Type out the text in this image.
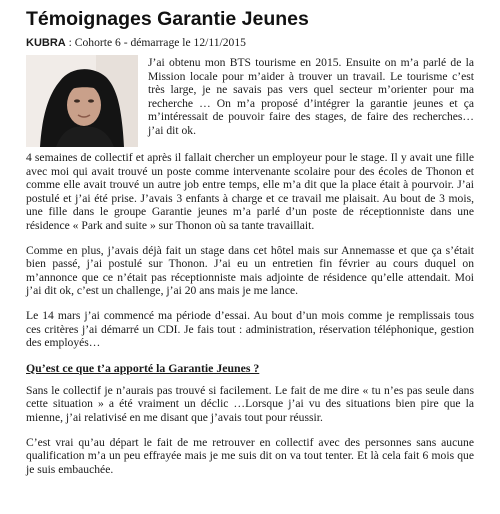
Témoignages Garantie Jeunes
KUBRA : Cohorte 6 - démarrage le 12/11/2015

J’ai obtenu mon BTS tourisme en 2015. Ensuite on m’a parlé de la Mission locale pour m’aider à trouver un travail. Le tourisme c’est très large, je ne savais pas vers quel secteur m’orienter pour ma recherche … On m’a proposé d’intégrer la garantie jeunes et ça m’intéressait de pouvoir faire des stages, de faire des recherches… j’ai dit ok.

4 semaines de collectif et après il fallait chercher un employeur pour le stage. Il y avait une fille avec moi qui avait trouvé un poste comme intervenante scolaire pour des écoles de Thonon et comme elle avait trouvé un autre job entre temps, elle m’a dit que la place était à pourvoir. J’ai postulé et j’ai été prise. J’avais 3 enfants à charge et ce travail me plaisait. Au bout de 3 mois, une fille dans le groupe Garantie jeunes m’a parlé d’un poste de réceptionniste dans une résidence « Park and suite » sur Thonon où sa tante travaillait.

Comme en plus, j’avais déjà fait un stage dans cet hôtel mais sur Annemasse et que ça s’était bien passé, j’ai postulé sur Thonon. J’ai eu un entretien fin février au cours duquel on m’annonce que ce n’était pas réceptionniste mais adjointe de résidence qu’elle attendait. Moi j’ai dit ok, c’est un challenge, j’ai 20 ans mais je me lance.

Le 14 mars j’ai commencé ma période d’essai. Au bout d’un mois comme je remplissais tous ces critères j’ai démarré un CDI. Je fais tout : administration, réservation téléphonique, gestion des employés…

Qu’est ce que t’a apporté la Garantie Jeunes ?

Sans le collectif je n’aurais pas trouvé si facilement. Le fait de me dire « tu n’es pas seule dans cette situation » a été vraiment un déclic …Lorsque j’ai vu des situations bien pire que la mienne, j’ai relativisé en me disant que j’avais tout pour réussir.

C’est vrai qu’au départ le fait de me retrouver en collectif avec des personnes sans aucune qualification m’a un peu effrayée mais je me suis dit on va tout tenter. Et là cela fait 6 mois que je suis embauchée.
